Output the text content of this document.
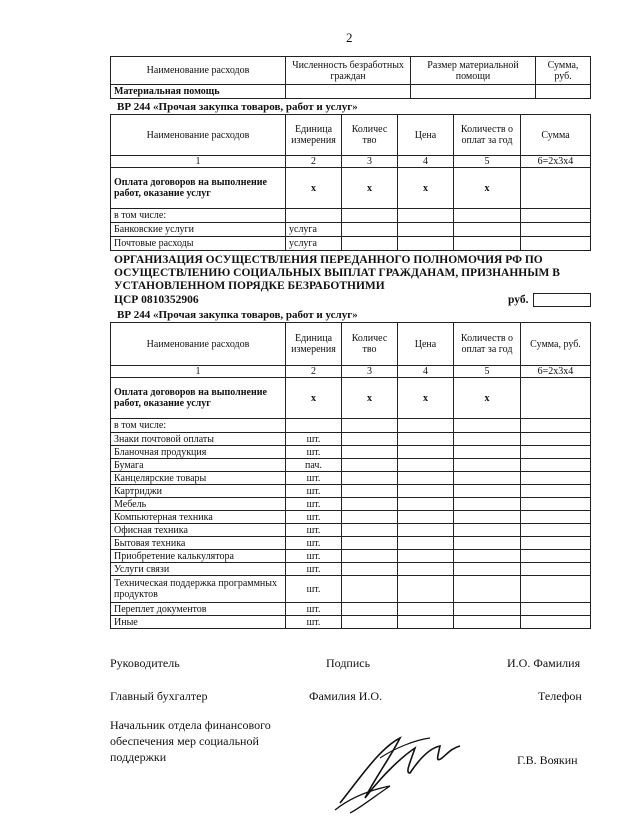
2
Наименование расходов	Численность безработных граждан	Размер материальной помощи	Сумма, руб.
Материальная помощь			
ВР 244 «Прочая закупка товаров, работ и услуг»
Наименование расходов	Единица измерения	Количес тво	Цена	Количеств о оплат за год	Сумма
1	2	3	4	5	6=2x3x4
Оплата договоров на выполнение работ, оказание услуг	x	x	x	x	
в том числе:					
Банковские услуги	услуга				
Почтовые расходы	услуга				
ОРГАНИЗАЦИЯ ОСУЩЕСТВЛЕНИЯ ПЕРЕДАННОГО ПОЛНОМОЧИЯ РФ ПО ОСУЩЕСТВЛЕНИЮ СОЦИАЛЬНЫХ ВЫПЛАТ ГРАЖДАНАМ, ПРИЗНАННЫМ В УСТАНОВЛЕННОМ ПОРЯДКЕ БЕЗРАБОТНИМИ
ЦСР 0810352906	руб.
ВР 244 «Прочая закупка товаров, работ и услуг»
Наименование расходов	Единица измерения	Количес тво	Цена	Количеств о оплат за год	Сумма, руб.
1	2	3	4	5	6=2x3x4
Оплата договоров на выполнение работ, оказание услуг	x	x	x	x	
в том числе:					
Знаки почтовой оплаты	шт.				
Бланочная продукция	шт.				
Бумага	пач.				
Канцелярские товары	шт.				
Картриджи	шт.				
Мебель	шт.				
Компьютерная техника	шт.				
Офисная техника	шт.				
Бытовая техника	шт.				
Приобретение калькулятора	шт.				
Услуги связи	шт.				
Техническая поддержка программных продуктов	шт.				
Переплет документов	шт.				
Иные	шт.				
Руководитель	Подпись	И.О. Фамилия
Главный бухгалтер	Фамилия И.О.	Телефон
Начальник отдела финансового обеспечения мер социальной поддержки	Г.В. Воякин
